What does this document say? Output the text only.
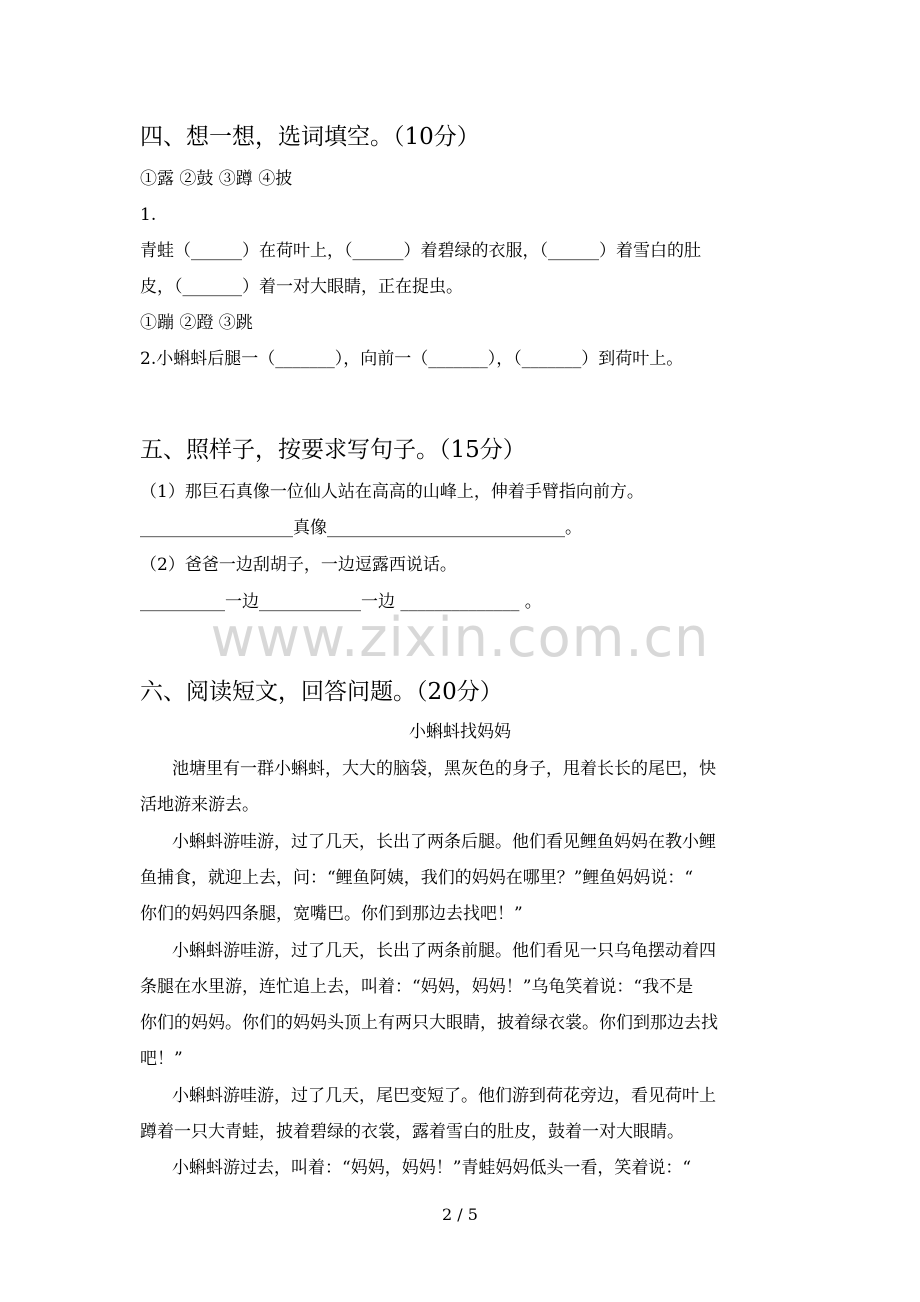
四、想一想，选词填空。（10分）
①露 ②鼓 ③蹲 ④披
1.
青蛙（______）在荷叶上，（______）着碧绿的衣服，（______）着雪白的肚
皮，（_______）着一对大眼睛，正在捉虫。
①蹦 ②蹬 ③跳
2.小蝌蚪后腿一（_______），向前一（_______），（_______）到荷叶上。
五、照样子，按要求写句子。（15分）
（1）那巨石真像一位仙人站在高高的山峰上，伸着手臂指向前方。
__________________真像____________________________。
（2）爸爸一边刮胡子，一边逗露西说话。
__________一边____________一边 ______________ 。
www.zixin.com.cn
六、阅读短文，回答问题。（20分）
小蝌蚪找妈妈
池塘里有一群小蝌蚪，大大的脑袋，黑灰色的身子，甩着长长的尾巴，快
活地游来游去。
小蝌蚪游哇游，过了几天，长出了两条后腿。他们看见鲤鱼妈妈在教小鲤
鱼捕食，就迎上去，问：“鲤鱼阿姨，我们的妈妈在哪里？”鲤鱼妈妈说：“
你们的妈妈四条腿，宽嘴巴。你们到那边去找吧！”
小蝌蚪游哇游，过了几天，长出了两条前腿。他们看见一只乌龟摆动着四
条腿在水里游，连忙追上去，叫着：“妈妈，妈妈！”乌龟笑着说：“我不是
你们的妈妈。你们的妈妈头顶上有两只大眼睛，披着绿衣裳。你们到那边去找
吧！”
小蝌蚪游哇游，过了几天，尾巴变短了。他们游到荷花旁边，看见荷叶上
蹲着一只大青蛙，披着碧绿的衣裳，露着雪白的肚皮，鼓着一对大眼睛。
小蝌蚪游过去，叫着：“妈妈，妈妈！”青蛙妈妈低头一看，笑着说：“
2 / 5
